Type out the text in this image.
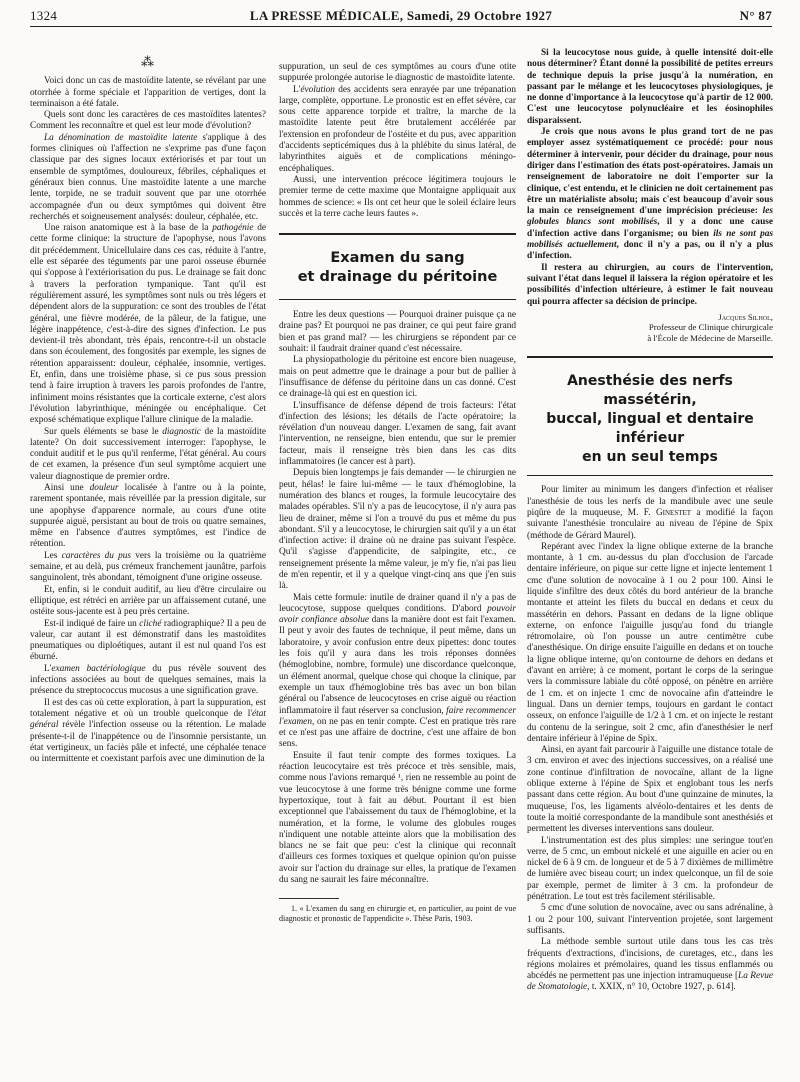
1324	LA PRESSE MÉDICALE, Samedi, 29 Octobre 1927	N° 87
⁂

Voici donc un cas de mastoïdite latente, se révélant par une otorrhée à forme spéciale et l'apparition de vertiges, dont la terminaison a été fatale.

Quels sont donc les caractères de ces mastoïdites latentes? Comment les reconnaître et quel est leur mode d'évolution?

La dénomination de mastoïdite latente s'applique à des formes cliniques où l'affection ne s'exprime pas d'une façon classique par des signes locaux extériorisés et par tout un ensemble de symptômes, douloureux, fébriles, céphaliques et généraux bien connus. Une mastoïdite latente a une marche lente, torpide, ne se traduit souvent que par une otorrhée accompagnée d'un ou deux symptômes qui doivent être recherchés et soigneusement analysés: douleur, céphalée, etc.

Une raison anatomique est à la base de la pathogénie de cette forme clinique: la structure de l'apophyse, nous l'avons dit précédemment. Unicellulaire dans ces cas, réduite à l'antre, elle est séparée des téguments par une paroi osseuse éburnée qui s'oppose à l'extériorisation du pus. Le drainage se fait donc à travers la perforation tympanique. Tant qu'il est régulièrement assuré, les symptômes sont nuls ou très légers et dépendent alors de la suppuration: ce sont des troubles de l'état général, une fièvre modérée, de la pâleur, de la fatigue, une légère inappétence, c'est-à-dire des signes d'infection. Le pus devient-il très abondant, très épais, rencontre-t-il un obstacle dans son écoulement, des fongosités par exemple, les signes de rétention apparaissent: douleur, céphalée, insomnie, vertiges. Et, enfin, dans une troisième phase, si ce pus sous pression tend à faire irruption à travers les parois profondes de l'antre, infiniment moins résistantes que la corticale externe, c'est alors l'évolution labyrinthique, méningée ou encéphalique. Cet exposé schématique explique l'allure clinique de la maladie.

Sur quels éléments se base le diagnostic de la mastoïdite latente? On doit successivement interroger: l'apophyse, le conduit auditif et le pus qu'il renferme, l'état général. Au cours de cet examen, la présence d'un seul symptôme acquiert une valeur diagnostique de premier ordre.

Ainsi une douleur localisée à l'antre ou à la pointe, rarement spontanée, mais réveillée par la pression digitale, sur une apophyse d'apparence normale, au cours d'une otite suppurée aiguë, persistant au bout de trois ou quatre semaines, même en l'absence d'autres symptômes, est l'indice de rétention.

Les caractères du pus vers la troisième ou la quatrième semaine, et au delà, pus crémeux franchement jaunâtre, parfois sanguinolent, très abondant, témoignent d'une origine osseuse.

Et, enfin, si le conduit auditif, au lieu d'être circulaire ou elliptique, est rétréci en arrière par un affaissement cutané, une ostéite sous-jacente est à peu près certaine.

Est-il indiqué de faire un cliché radiographique? Il a peu de valeur, car autant il est démonstratif dans les mastoïdites pneumatiques ou diploétiques, autant il est nul quand l'os est éburné.

L'examen bactériologique du pus révèle souvent des infections associées au bout de quelques semaines, mais la présence du streptococcus mucosus a une signification grave.

Il est des cas où cette exploration, à part la suppuration, est totalement négative et où un trouble quelconque de l'état général révèle l'infection osseuse ou la rétention. Le malade présente-t-il de l'inappétence ou de l'insomnie persistante, un état vertigineux, un faciès pâle et infecté, une céphalée tenace ou intermittente et coexistant parfois avec une diminution de la

suppuration, un seul de ces symptômes au cours d'une otite suppurée prolongée autorise le diagnostic de mastoïdite latente.

L'évolution des accidents sera enrayée par une trépanation large, complète, opportune. Le pronostic est en effet sévère, car sous cette apparence torpide et traître, la marche de la mastoïdite latente peut être brutalement accélérée par l'extension en profondeur de l'ostéite et du pus, avec apparition d'accidents septicémiques dus à la phlébite du sinus latéral, de labyrinthites aiguës et de complications méningo-encéphaliques.

Aussi, une intervention précoce légitimera toujours le premier terme de cette maxime que Montaigne appliquait aux hommes de science: « Ils ont cet heur que le soleil éclaire leurs succès et la terre cache leurs fautes ».

Examen du sang
et drainage du péritoine

Entre les deux questions — Pourquoi drainer puisque ça ne draine pas? Et pourquoi ne pas drainer, ce qui peut faire grand bien et pas grand mal? — les chirurgiens se répondent par ce souhait: il faudrait drainer quand c'est nécessaire.

La physiopathologie du péritoine est encore bien nuageuse, mais on peut admettre que le drainage a pour but de pallier à l'insuffisance de défense du péritoine dans un cas donné. C'est ce drainage-là qui est en question ici.

L'insuffisance de défense dépend de trois facteurs: l'état d'infection des lésions; les détails de l'acte opératoire; la révélation d'un nouveau danger. L'examen de sang, fait avant l'intervention, ne renseigne, bien entendu, que sur le premier facteur, mais il renseigne très bien dans les cas dits inflammatoires (le cancer est à part).

Depuis bien longtemps je fais demander — le chirurgien ne peut, hélas! le faire lui-même — le taux d'hémoglobine, la numération des blancs et rouges, la formule leucocytaire des malades opérables. S'il n'y a pas de leucocytose, il n'y aura pas lieu de drainer, même si l'on a trouvé du pus et même du pus abondant. S'il y a leucocytose, le chirurgien sait qu'il y a un état d'infection active: il draine où ne draine pas suivant l'espèce. Qu'il s'agisse d'appendicite, de salpingite, etc., ce renseignement présente la même valeur, je m'y fie, n'ai pas lieu de m'en repentir, et il y a quelque vingt-cinq ans que j'en suis là.

Mais cette formule: inutile de drainer quand il n'y a pas de leucocytose, suppose quelques conditions. D'abord pouvoir avoir confiance absolue dans la manière dont est fait l'examen. Il peut y avoir des fautes de technique, il peut même, dans un laboratoire, y avoir confusion entre deux pipettes: donc toutes les fois qu'il y aura dans les trois réponses données (hémoglobine, nombre, formule) une discordance quelconque, un élément anormal, quelque chose qui choque la clinique, par exemple un taux d'hémoglobine très bas avec un bon bilan général ou l'absence de leucocytoses en crise aiguë ou réaction inflammatoire il faut réserver sa conclusion, faire recommencer l'examen, on ne pas en tenir compte. C'est en pratique très rare et ce n'est pas une affaire de doctrine, c'est une affaire de bon sens.

Ensuite il faut tenir compte des formes toxiques. La réaction leucocytaire est très précoce et très sensible, mais, comme nous l'avions remarqué ¹, rien ne ressemble au point de vue leucocytose à une forme très bénigne comme une forme hypertoxique, tout à fait au début. Pourtant il est bien exceptionnel que l'abaissement du taux de l'hémoglobine, et la numération, et la forme, le volume des globules rouges n'indiquent une notable atteinte alors que la mobilisation des blancs ne se fait que peu: c'est la clinique qui reconnaît d'ailleurs ces formes toxiques et quelque opinion qu'on puisse avoir sur l'action du drainage sur elles, la pratique de l'examen du sang ne saurait les faire méconnaître.

1. « L'examen du sang en chirurgie et, en particulier, au point de vue diagnostic et pronostic de l'appendicite ». Thèse Paris, 1903.

Si la leucocytose nous guide, à quelle intensité doit-elle nous déterminer? Étant donné la possibilité de petites erreurs de technique depuis la prise jusqu'à la numération, en passant par le mélange et les leucocytoses physiologiques, je ne donne d'importance à la leucocytose qu'à partir de 12 000. C'est une leucocytose polynucléaire et les éosinophiles disparaissent.

Je crois que nous avons le plus grand tort de ne pas employer assez systématiquement ce procédé: pour nous déterminer à intervenir, pour décider du drainage, pour nous diriger dans l'estimation des états post-opératoires. Jamais un renseignement de laboratoire ne doit l'emporter sur la clinique, c'est entendu, et le clinicien ne doit certainement pas être un matérialiste absolu; mais c'est beaucoup d'avoir sous la main ce renseignement d'une imprécision précieuse: les globules blancs sont mobilisés, il y a donc une cause d'infection active dans l'organisme; ou bien ils ne sont pas mobilisés actuellement, donc il n'y a pas, ou il n'y a plus d'infection.

Il restera au chirurgien, au cours de l'intervention, suivant l'état dans lequel il laissera la région opératoire et les possibilités d'infection ultérieure, à estimer le fait nouveau qui pourra affecter sa décision de principe.

Jacques Silhol,
Professeur de Clinique chirurgicale
à l'École de Médecine de Marseille.
Anesthésie des nerfs
massétérin,
buccal, lingual et dentaire inférieur
en un seul temps

Pour limiter au minimum les dangers d'infection et réaliser l'anesthésie de tous les nerfs de la mandibule avec une seule piqûre de la muqueuse, M. F. Ginestet a modifié la façon suivante l'anesthésie tronculaire au niveau de l'épine de Spix (méthode de Gérard Maurel).

Repérant avec l'index la ligne oblique externe de la branche montante, à 1 cm. au-dessus du plan d'occlusion de l'arcade dentaire inférieure, on pique sur cette ligne et injecte lentement 1 cmc d'une solution de novocaïne à 1 ou 2 pour 100. Ainsi le liquide s'infiltre des deux côtés du bord antérieur de la branche montante et atteint les filets du buccal en dedans et ceux du massétérin en dehors. Passant en dedans de la ligne oblique externe, on enfonce l'aiguille jusqu'au fond du triangle rétromolaire, où l'on pousse un autre centimètre cube d'anesthésique. On dirige ensuite l'aiguille en dedans et on touche la ligne oblique interne, qu'on contourne de dehors en dedans et d'avant en arrière; à ce moment, portant le corps de la seringue vers la commissure labiale du côté opposé, on pénètre en arrière de 1 cm. et on injecte 1 cmc de novocaïne afin d'atteindre le lingual. Dans un dernier temps, toujours en gardant le contact osseux, on enfonce l'aiguille de 1/2 à 1 cm. et on injecte le restant du contenu de la seringue, soit 2 cmc, afin d'anesthésier le nerf dentaire inférieur à l'épine de Spix.

Ainsi, en ayant fait parcourir à l'aiguille une distance totale de 3 cm. environ et avec des injections successives, on a réalisé une zone continue d'infiltration de novocaïne, allant de la ligne oblique externe à l'épine de Spix et englobant tous les nerfs passant dans cette région. Au bout d'une quinzaine de minutes, la muqueuse, l'os, les ligaments alvéolo-dentaires et les dents de toute la moitié correspondante de la mandibule sont anesthésiés et permettent les diverses interventions sans douleur.

L'instrumentation est des plus simples: une seringue tout'en verre, de 5 cmc, un embout nickelé et une aiguille en acier ou en nickel de 6 à 9 cm. de longueur et de 5 à 7 dixièmes de millimètre de lumière avec biseau court; un index quelconque, un fil de soie par exemple, permet de limiter à 3 cm. la profondeur de pénétration. Le tout est très facilement stérilisable.

5 cmc d'une solution de novocaïne, avec ou sans adrénaline, à 1 ou 2 pour 100, suivant l'intervention projetée, sont largement suffisants.

La méthode semble surtout utile dans tous les cas très fréquents d'extractions, d'incisions, de curetages, etc., dans les régions molaires et prémolaires, quand les tissus enflammés ou abcédés ne permettent pas une injection intramuqueuse [La Revue de Stomatologie, t. XXIX, n° 10, Octobre 1927, p. 614].
